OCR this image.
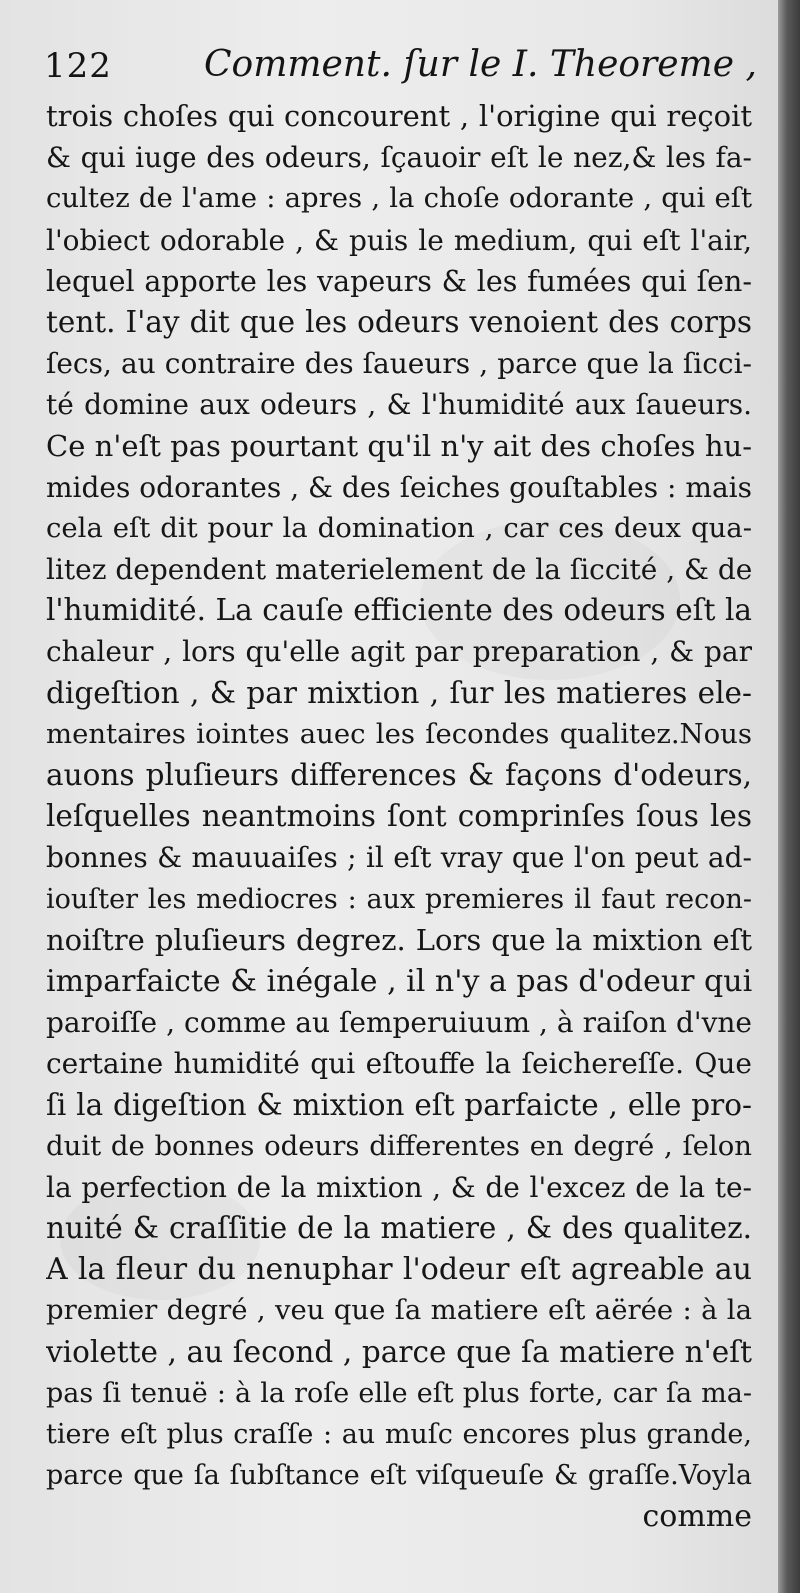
122	Comment. ſur le I. Theoreme ,
trois choſes qui concourent , l'origine qui reçoit
& qui iuge des odeurs, ſçauoir eſt le nez,& les fa-
cultez de l'ame : apres , la choſe odorante , qui eſt
l'obiect odorable , & puis le medium, qui eſt l'air,
lequel apporte les vapeurs & les fumées qui ſen-
tent. I'ay dit que les odeurs venoient des corps
ſecs, au contraire des ſaueurs , parce que la ſicci-
té domine aux odeurs , & l'humidité aux ſaueurs.
Ce n'eſt pas pourtant qu'il n'y ait des choſes hu-
mides odorantes , & des ſeiches gouſtables : mais
cela eſt dit pour la domination , car ces deux qua-
litez dependent materielement de la ſiccité , & de
l'humidité. La cauſe efficiente des odeurs eſt la
chaleur , lors qu'elle agit par preparation , & par
digeſtion , & par mixtion , ſur les matieres ele-
mentaires iointes auec les ſecondes qualitez.Nous
auons pluſieurs differences & façons d'odeurs,
leſquelles neantmoins ſont comprinſes ſous les
bonnes & mauuaiſes ; il eſt vray que l'on peut ad-
iouſter les mediocres : aux premieres il faut recon-
noiſtre pluſieurs degrez. Lors que la mixtion eſt
imparfaicte & inégale , il n'y a pas d'odeur qui
paroiſſe , comme au ſemperuiuum , à raiſon d'vne
certaine humidité qui eſtouffe la ſeichereſſe. Que
ſi la digeſtion & mixtion eſt parfaicte , elle pro-
duit de bonnes odeurs differentes en degré , ſelon
la perfection de la mixtion , & de l'excez de la te-
nuité & craſſitie de la matiere , & des qualitez.
A la fleur du nenuphar l'odeur eſt agreable au
premier degré , veu que ſa matiere eſt aërée : à la
violette , au ſecond , parce que ſa matiere n'eſt
pas ſi tenuë : à la roſe elle eſt plus forte, car ſa ma-
tiere eſt plus craſſe : au muſc encores plus grande,
parce que ſa ſubſtance eſt viſqueuſe & graſſe.Voyla
comme
